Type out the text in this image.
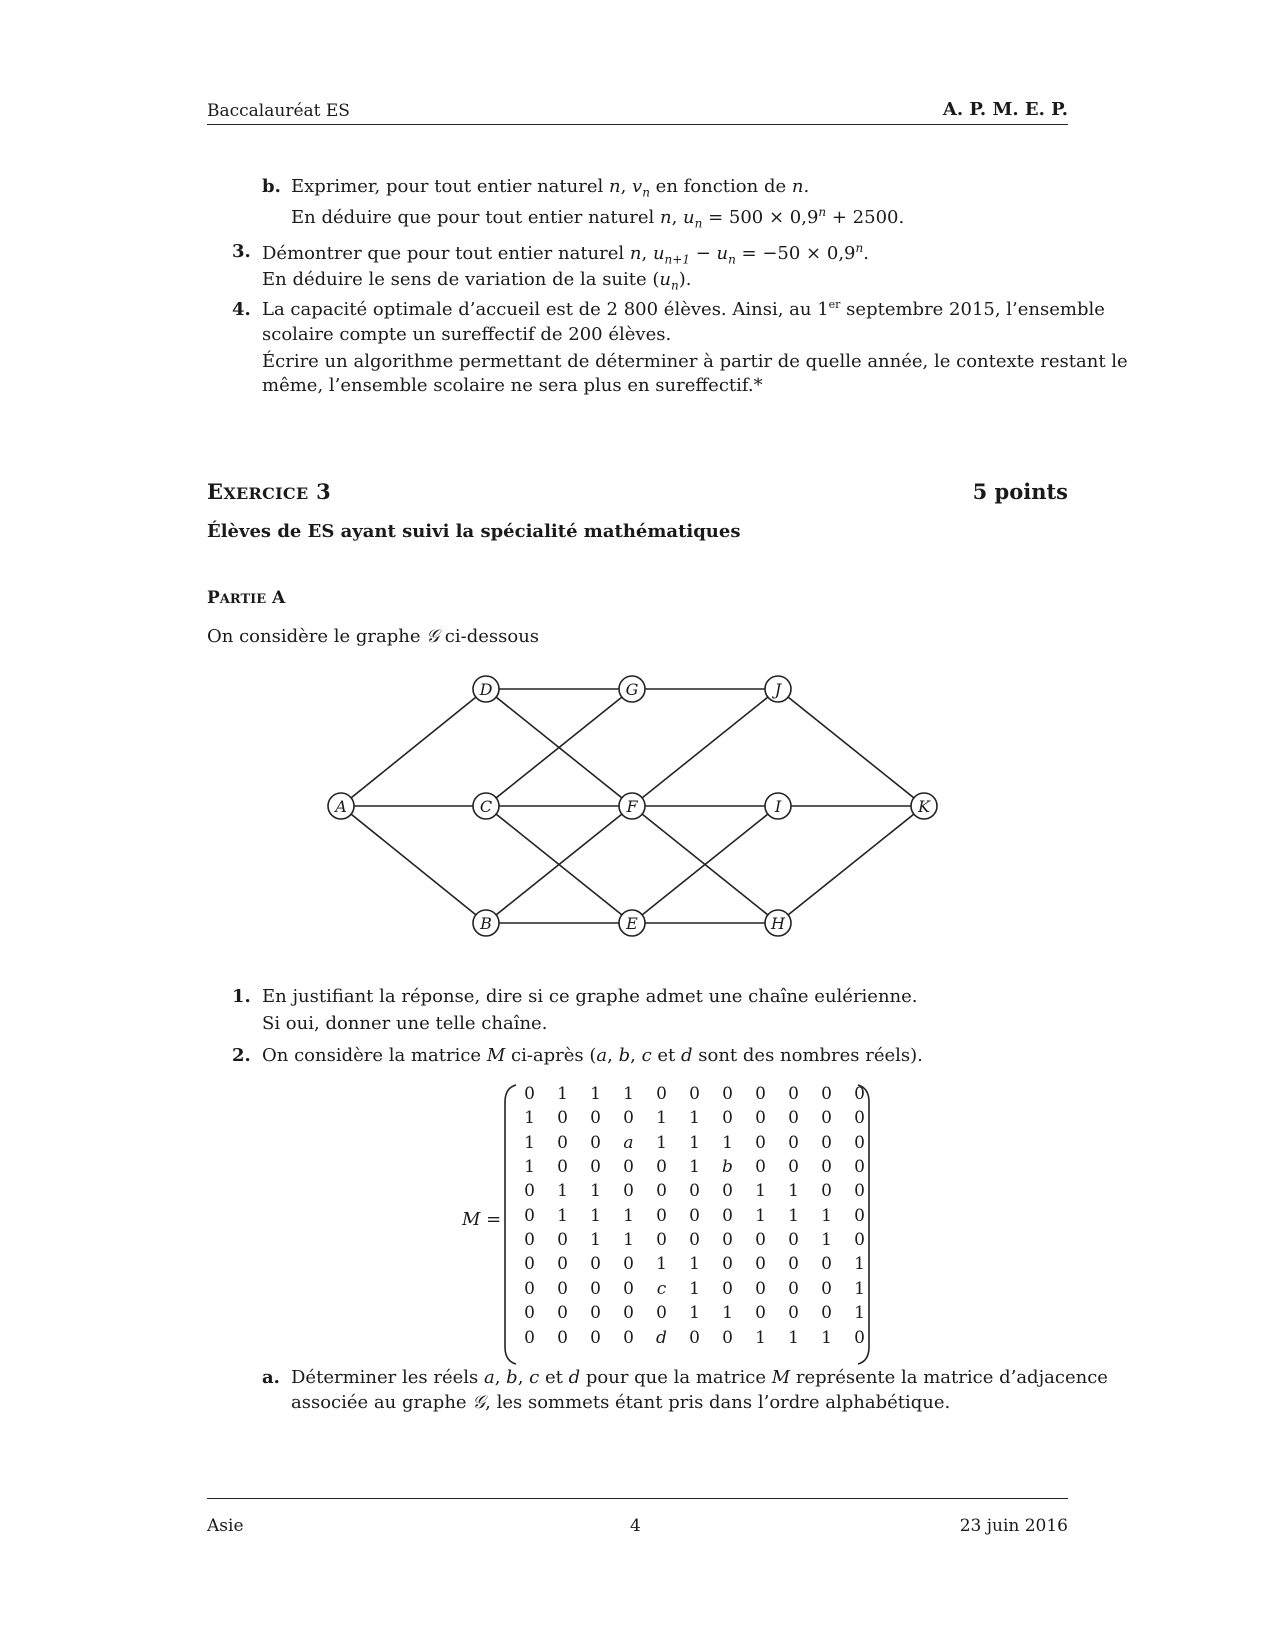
Baccalauréat ES	A. P. M. E. P.
b. Exprimer, pour tout entier naturel n, $v_n$ en fonction de n.
En déduire que pour tout entier naturel n, $u_n = 500 \times 0,9^n + 2500$.
3. Démontrer que pour tout entier naturel n, $u_{n+1} - u_n = -50 \times 0,9^n$.
En déduire le sens de variation de la suite $(u_n)$.
4. La capacité optimale d’accueil est de 2 800 élèves. Ainsi, au 1er septembre 2015, l’ensemble
scolaire compte un sureffectif de 200 élèves.
Écrire un algorithme permettant de déterminer à partir de quelle année, le contexte restant le
même, l’ensemble scolaire ne sera plus en sureffectif.*
EXERCICE 3	5 points
Élèves de ES ayant suivi la spécialité mathématiques
PARTIE A
On considère le graphe 𝒢 ci-dessous
A
B
C
D
E
F
G
H
I
J
K
1. En justifiant la réponse, dire si ce graphe admet une chaîne eulérienne.
Si oui, donner une telle chaîne.
2. On considère la matrice M ci-après (a, b, c et d sont des nombres réels).
M =
0	1	1	1	0	0	0	0	0	0	0
1	0	0	0	1	1	0	0	0	0	0
1	0	0	a	1	1	1	0	0	0	0
1	0	0	0	0	1	b	0	0	0	0
0	1	1	0	0	0	0	1	1	0	0
0	1	1	1	0	0	0	1	1	1	0
0	0	1	1	0	0	0	0	0	1	0
0	0	0	0	1	1	0	0	0	0	1
0	0	0	0	c	1	0	0	0	0	1
0	0	0	0	0	1	1	0	0	0	1
0	0	0	0	d	0	0	1	1	1	0
a. Déterminer les réels a, b, c et d pour que la matrice M représente la matrice d’adjacence
associée au graphe 𝒢, les sommets étant pris dans l’ordre alphabétique.
Asie	4	23 juin 2016
